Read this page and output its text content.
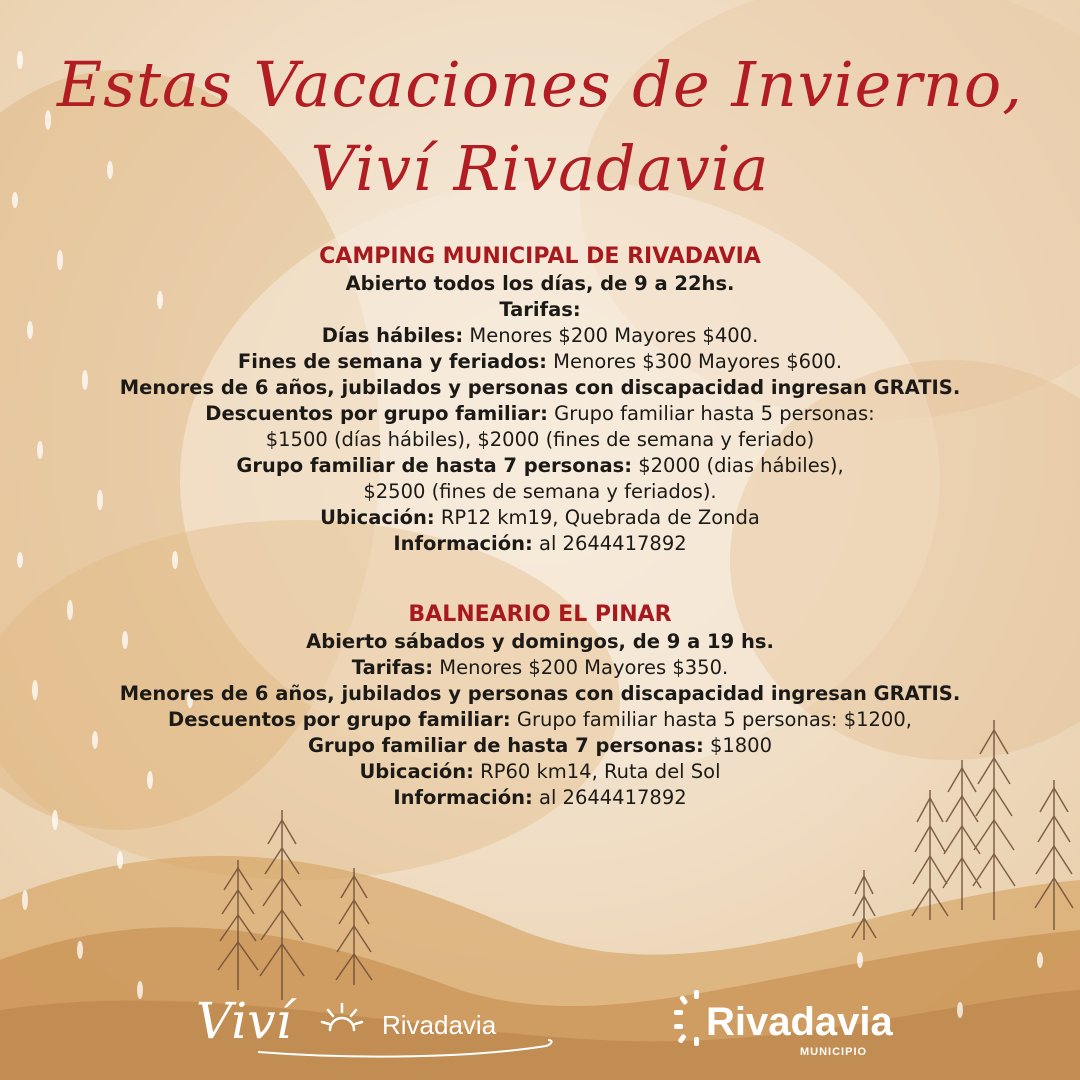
Estas Vacaciones de Invierno,
Viví Rivadavia
CAMPING MUNICIPAL DE RIVADAVIA
Abierto todos los días, de 9 a 22hs.
Tarifas:
Días hábiles: Menores $200 Mayores $400.
Fines de semana y feriados: Menores $300 Mayores $600.
Menores de 6 años, jubilados y personas con discapacidad ingresan GRATIS.
Descuentos por grupo familiar: Grupo familiar hasta 5 personas:
$1500 (días hábiles), $2000 (fines de semana y feriado)
Grupo familiar de hasta 7 personas: $2000 (dias hábiles),
$2500 (fines de semana y feriados).
Ubicación: RP12 km19, Quebrada de Zonda
Información: al 2644417892
BALNEARIO EL PINAR
Abierto sábados y domingos, de 9 a 19 hs.
Tarifas: Menores $200 Mayores $350.
Menores de 6 años, jubilados y personas con discapacidad ingresan GRATIS.
Descuentos por grupo familiar: Grupo familiar hasta 5 personas: $1200,
Grupo familiar de hasta 7 personas: $1800
Ubicación: RP60 km14, Ruta del Sol
Información: al 2644417892
Viví	Rivadavia	Rivadavia
MUNICIPIO
